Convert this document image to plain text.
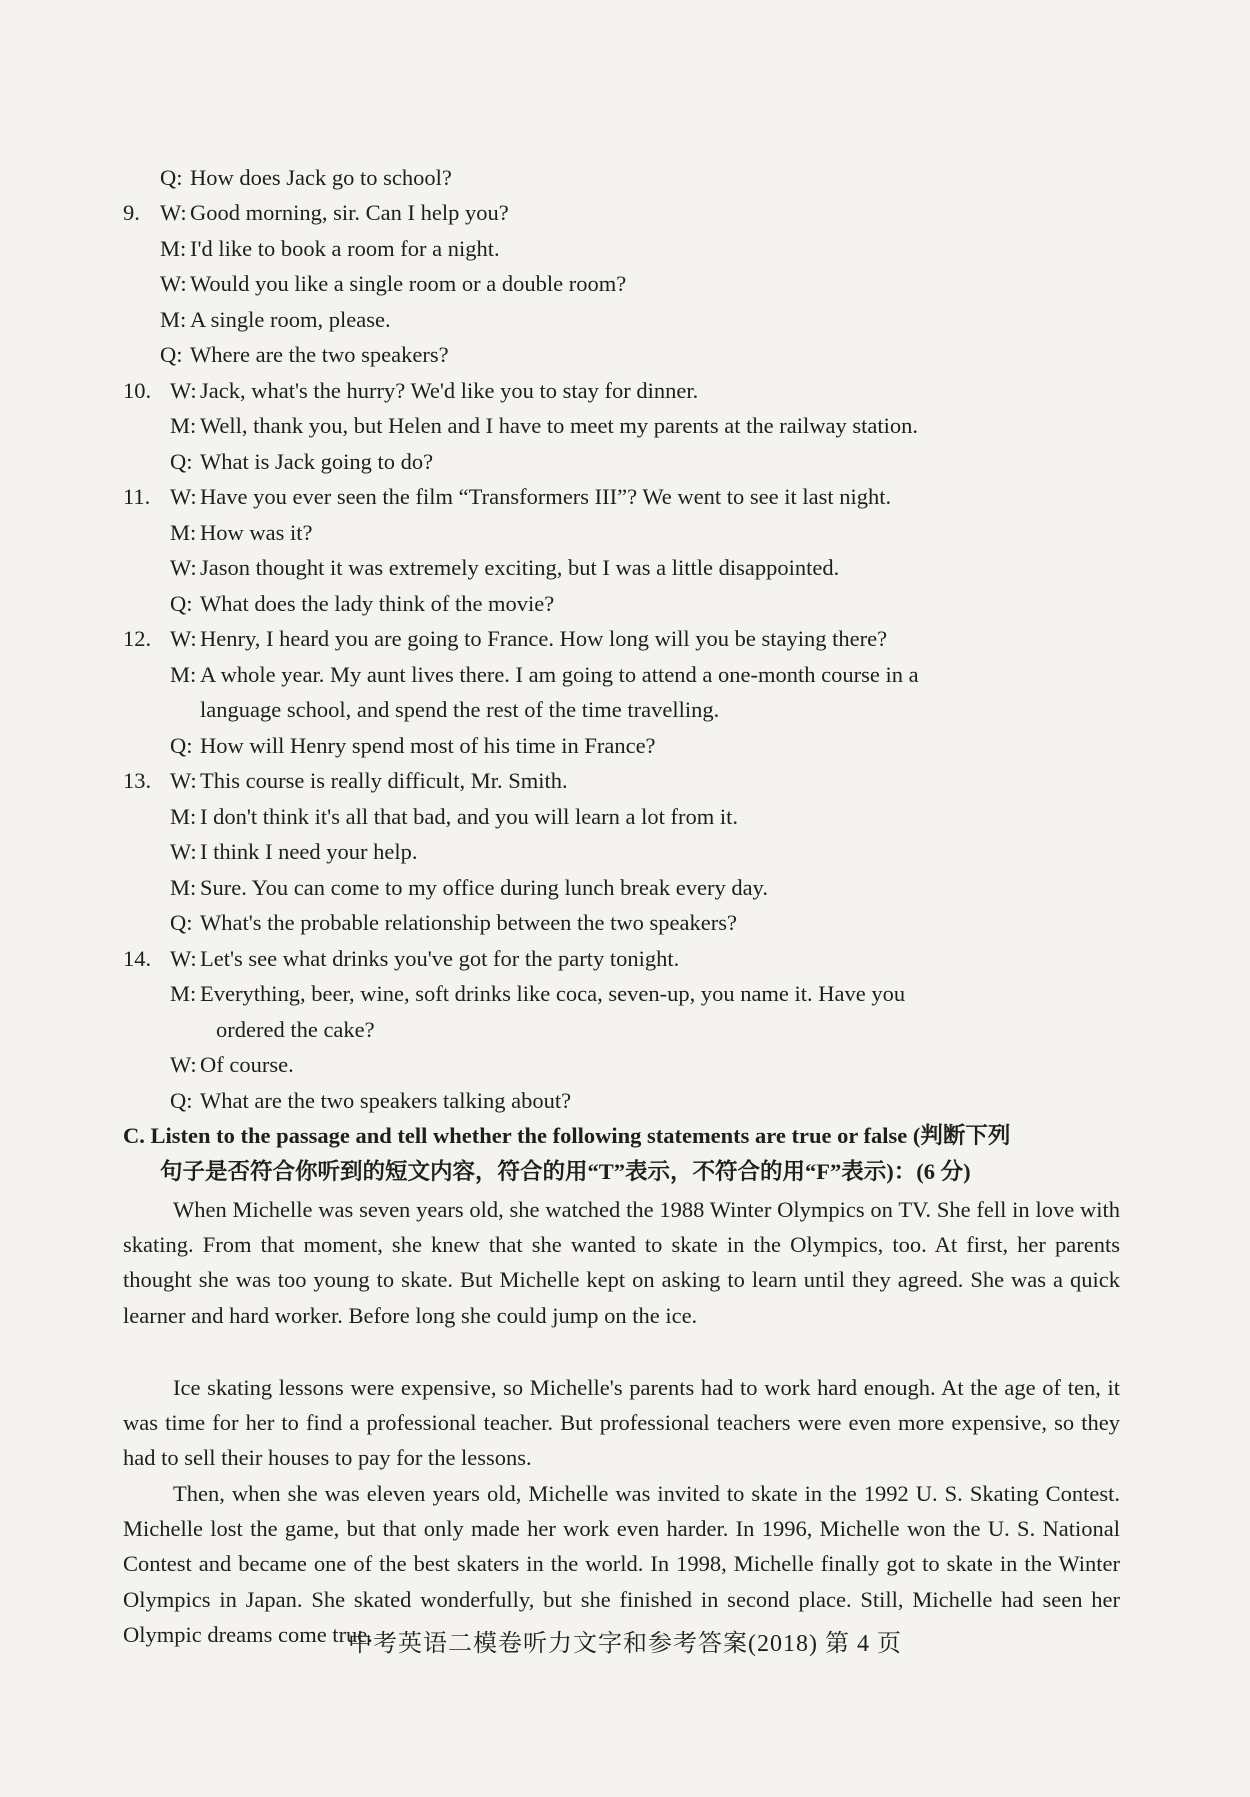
Q: How does Jack go to school?
9. W: Good morning, sir. Can I help you?
M: I'd like to book a room for a night.
W: Would you like a single room or a double room?
M: A single room, please.
Q: Where are the two speakers?
10. W: Jack, what's the hurry? We'd like you to stay for dinner.
M: Well, thank you, but Helen and I have to meet my parents at the railway station.
Q: What is Jack going to do?
11. W: Have you ever seen the film “Transformers III”? We went to see it last night.
M: How was it?
W: Jason thought it was extremely exciting, but I was a little disappointed.
Q: What does the lady think of the movie?
12. W: Henry, I heard you are going to France. How long will you be staying there?
M: A whole year. My aunt lives there. I am going to attend a one-month course in a
language school, and spend the rest of the time travelling.
Q: How will Henry spend most of his time in France?
13. W: This course is really difficult, Mr. Smith.
M: I don't think it's all that bad, and you will learn a lot from it.
W: I think I need your help.
M: Sure. You can come to my office during lunch break every day.
Q: What's the probable relationship between the two speakers?
14. W: Let's see what drinks you've got for the party tonight.
M: Everything, beer, wine, soft drinks like coca, seven-up, you name it. Have you
ordered the cake?
W: Of course.
Q: What are the two speakers talking about?
C. Listen to the passage and tell whether the following statements are true or false (判断下列
句子是否符合你听到的短文内容，符合的用“T”表示，不符合的用“F”表示)：(6 分)
When Michelle was seven years old, she watched the 1988 Winter Olympics on TV. She fell in love with skating. From that moment, she knew that she wanted to skate in the Olympics, too. At first, her parents thought she was too young to skate. But Michelle kept on asking to learn until they agreed. She was a quick learner and hard worker. Before long she could jump on the ice.
Ice skating lessons were expensive, so Michelle's parents had to work hard enough. At the age of ten, it was time for her to find a professional teacher. But professional teachers were even more expensive, so they had to sell their houses to pay for the lessons.
Then, when she was eleven years old, Michelle was invited to skate in the 1992 U. S. Skating Contest. Michelle lost the game, but that only made her work even harder. In 1996, Michelle won the U. S. National Contest and became one of the best skaters in the world. In 1998, Michelle finally got to skate in the Winter Olympics in Japan. She skated wonderfully, but she finished in second place. Still, Michelle had seen her Olympic dreams come true.
中考英语二模卷听力文字和参考答案(2018) 第 4 页
